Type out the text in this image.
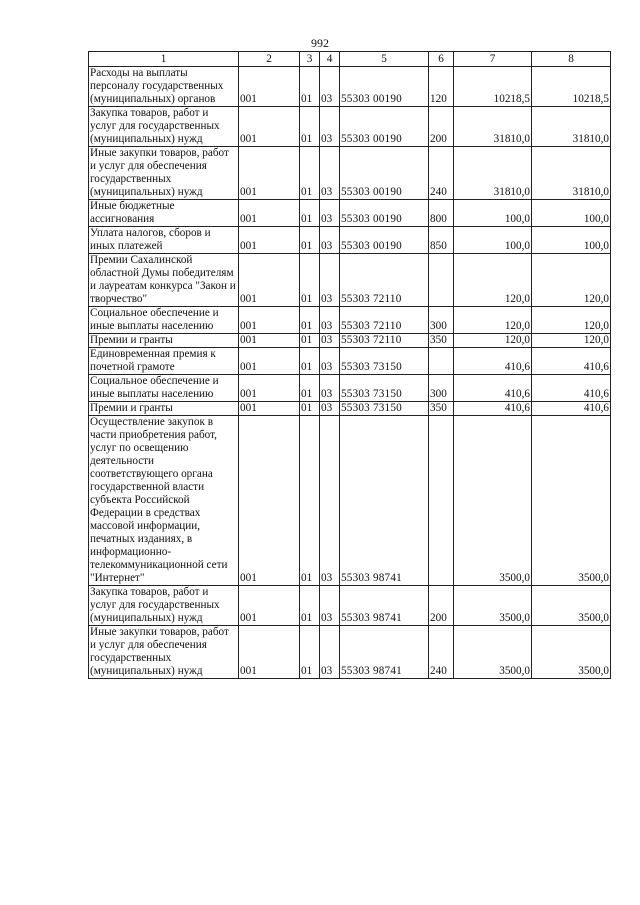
992
1	2	3	4	5	6	7	8
Расходы на выплаты персоналу государственных (муниципальных) органов	001	01	03	55303 00190	120	10218,5	10218,5
Закупка товаров, работ и услуг для государственных (муниципальных) нужд	001	01	03	55303 00190	200	31810,0	31810,0
Иные закупки товаров, работ и услуг для обеспечения государственных (муниципальных) нужд	001	01	03	55303 00190	240	31810,0	31810,0
Иные бюджетные ассигнования	001	01	03	55303 00190	800	100,0	100,0
Уплата налогов, сборов и иных платежей	001	01	03	55303 00190	850	100,0	100,0
Премии Сахалинской областной Думы победителям и лауреатам конкурса "Закон и творчество"	001	01	03	55303 72110		120,0	120,0
Социальное обеспечение и иные выплаты населению	001	01	03	55303 72110	300	120,0	120,0
Премии и гранты	001	01	03	55303 72110	350	120,0	120,0
Единовременная премия к почетной грамоте	001	01	03	55303 73150		410,6	410,6
Социальное обеспечение и иные выплаты населению	001	01	03	55303 73150	300	410,6	410,6
Премии и гранты	001	01	03	55303 73150	350	410,6	410,6
Осуществление закупок в части приобретения работ, услуг по освещению деятельности соответствующего органа государственной власти субъекта Российской Федерации в средствах массовой информации, печатных изданиях, в информационно-телекоммуникационной сети "Интернет"	001	01	03	55303 98741		3500,0	3500,0
Закупка товаров, работ и услуг для государственных (муниципальных) нужд	001	01	03	55303 98741	200	3500,0	3500,0
Иные закупки товаров, работ и услуг для обеспечения государственных (муниципальных) нужд	001	01	03	55303 98741	240	3500,0	3500,0
